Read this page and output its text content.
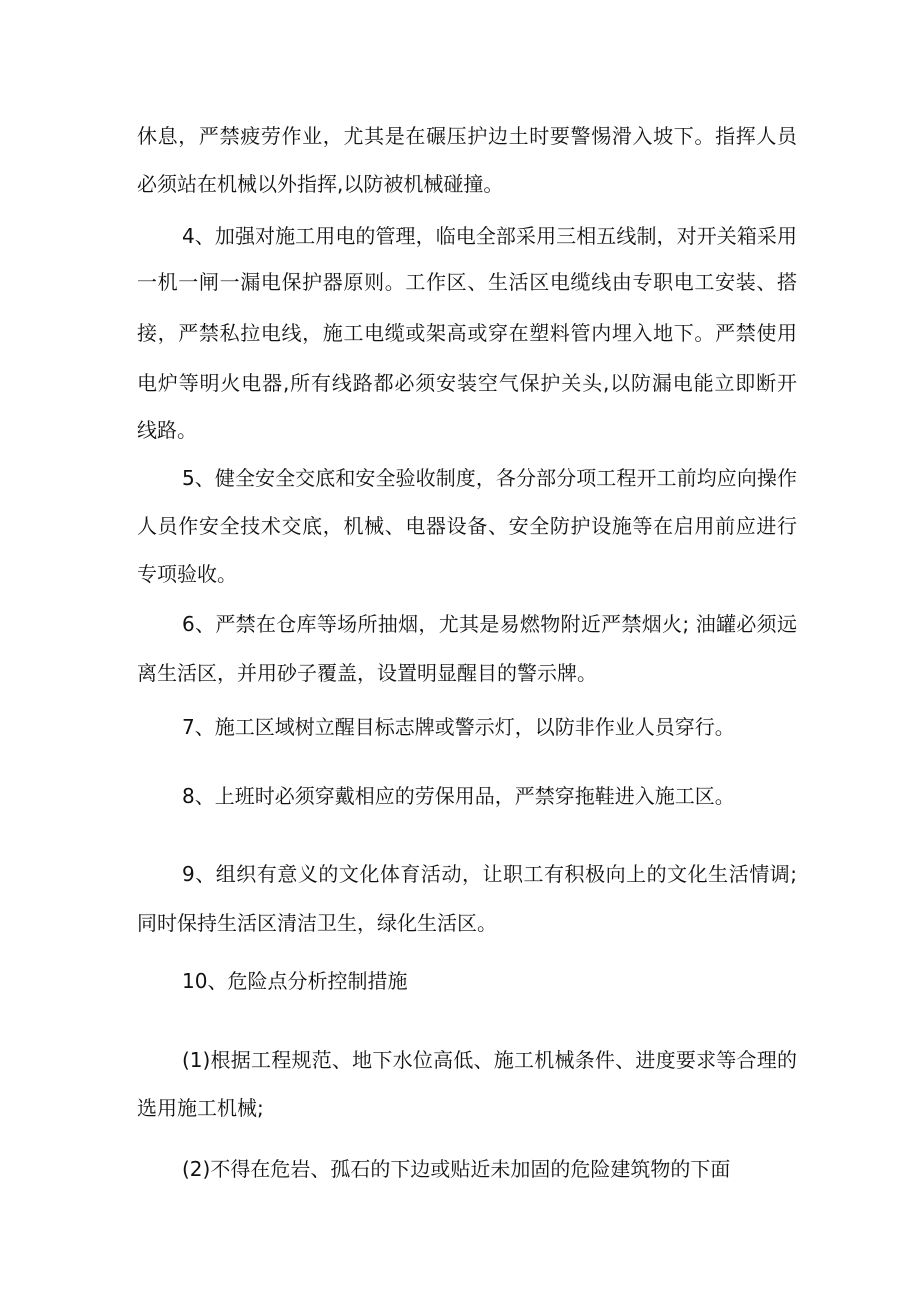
休息，严禁疲劳作业，尤其是在碾压护边土时要警惕滑入坡下。指挥人员
必须站在机械以外指挥,以防被机械碰撞。
4、加强对施工用电的管理，临电全部采用三相五线制，对开关箱采用
一机一闸一漏电保护器原则。工作区、生活区电缆线由专职电工安装、搭
接，严禁私拉电线，施工电缆或架高或穿在塑料管内埋入地下。严禁使用
电炉等明火电器,所有线路都必须安装空气保护关头,以防漏电能立即断开
线路。
5、健全安全交底和安全验收制度，各分部分项工程开工前均应向操作
人员作安全技术交底，机械、电器设备、安全防护设施等在启用前应进行
专项验收。
6、严禁在仓库等场所抽烟，尤其是易燃物附近严禁烟火; 油罐必须远
离生活区，并用砂子覆盖，设置明显醒目的警示牌。
7、施工区域树立醒目标志牌或警示灯，以防非作业人员穿行。
8、上班时必须穿戴相应的劳保用品，严禁穿拖鞋进入施工区。
9、组织有意义的文化体育活动，让职工有积极向上的文化生活情调;
同时保持生活区清洁卫生，绿化生活区。
10、危险点分析控制措施
(1)根据工程规范、地下水位高低、施工机械条件、进度要求等合理的
选用施工机械;
(2)不得在危岩、孤石的下边或贴近未加固的危险建筑物的下面
